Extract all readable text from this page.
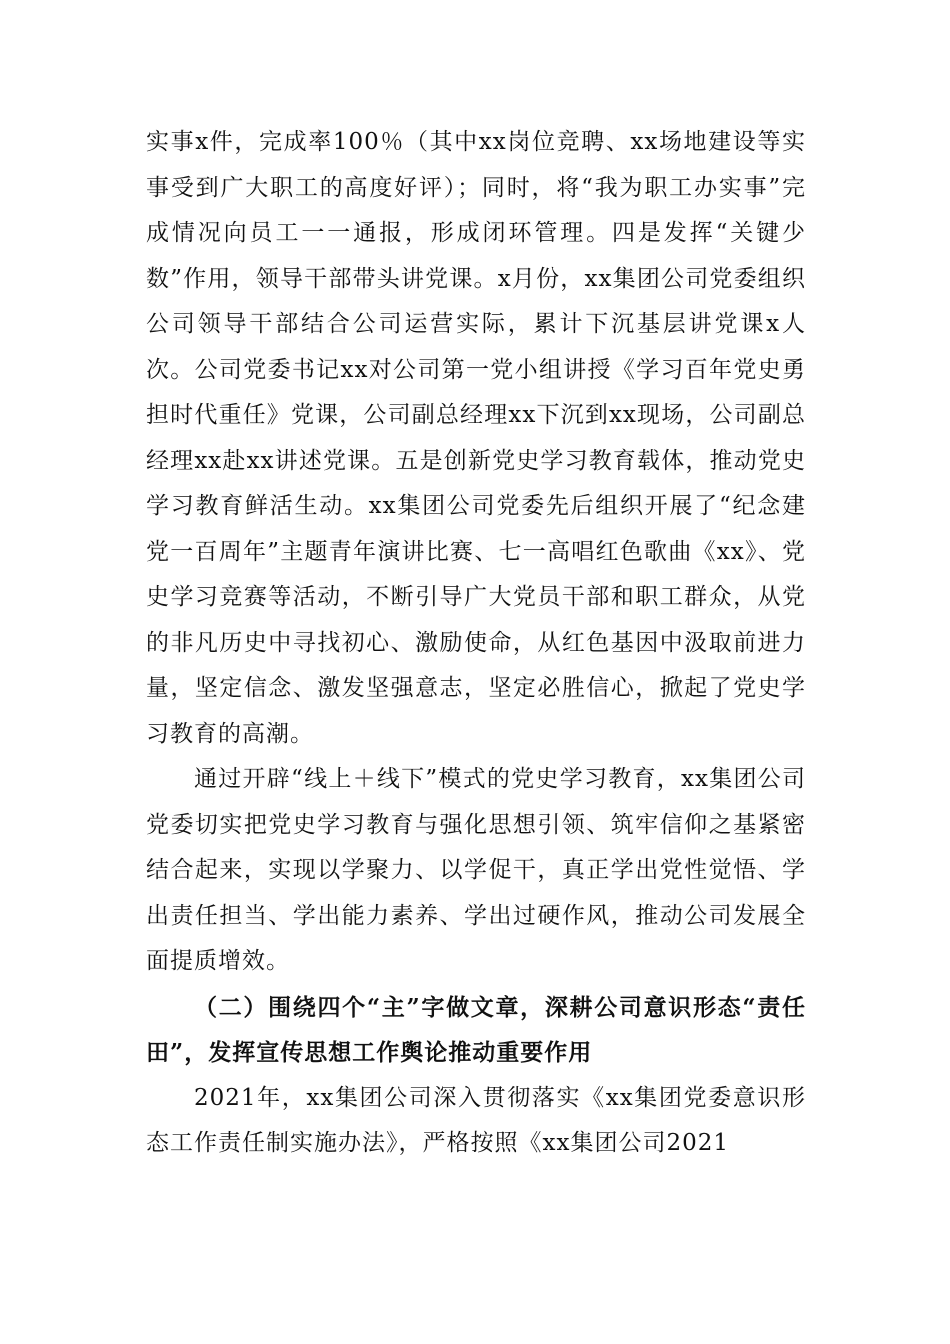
实事x件，完成率100％（其中xx岗位竞聘、xx场地建设等实事受到广大职工的高度好评）；同时，将“我为职工办实事”完成情况向员工一一通报，形成闭环管理。四是发挥“关键少数”作用，领导干部带头讲党课。x月份，xx集团公司党委组织公司领导干部结合公司运营实际，累计下沉基层讲党课x人次。公司党委书记xx对公司第一党小组讲授《学习百年党史勇担时代重任》党课，公司副总经理xx下沉到xx现场，公司副总经理xx赴xx讲述党课。五是创新党史学习教育载体，推动党史学习教育鲜活生动。xx集团公司党委先后组织开展了“纪念建党一百周年”主题青年演讲比赛、七一高唱红色歌曲《xx》、党史学习竞赛等活动，不断引导广大党员干部和职工群众，从党的非凡历史中寻找初心、激励使命，从红色基因中汲取前进力量，坚定信念、激发坚强意志，坚定必胜信心，掀起了党史学习教育的高潮。

通过开辟“线上＋线下”模式的党史学习教育，xx集团公司党委切实把党史学习教育与强化思想引领、筑牢信仰之基紧密结合起来，实现以学聚力、以学促干，真正学出党性觉悟、学出责任担当、学出能力素养、学出过硬作风，推动公司发展全面提质增效。

（二）围绕四个“主”字做文章，深耕公司意识形态“责任田”，发挥宣传思想工作舆论推动重要作用

2021年，xx集团公司深入贯彻落实《xx集团党委意识形态工作责任制实施办法》，严格按照《xx集团公司2021
